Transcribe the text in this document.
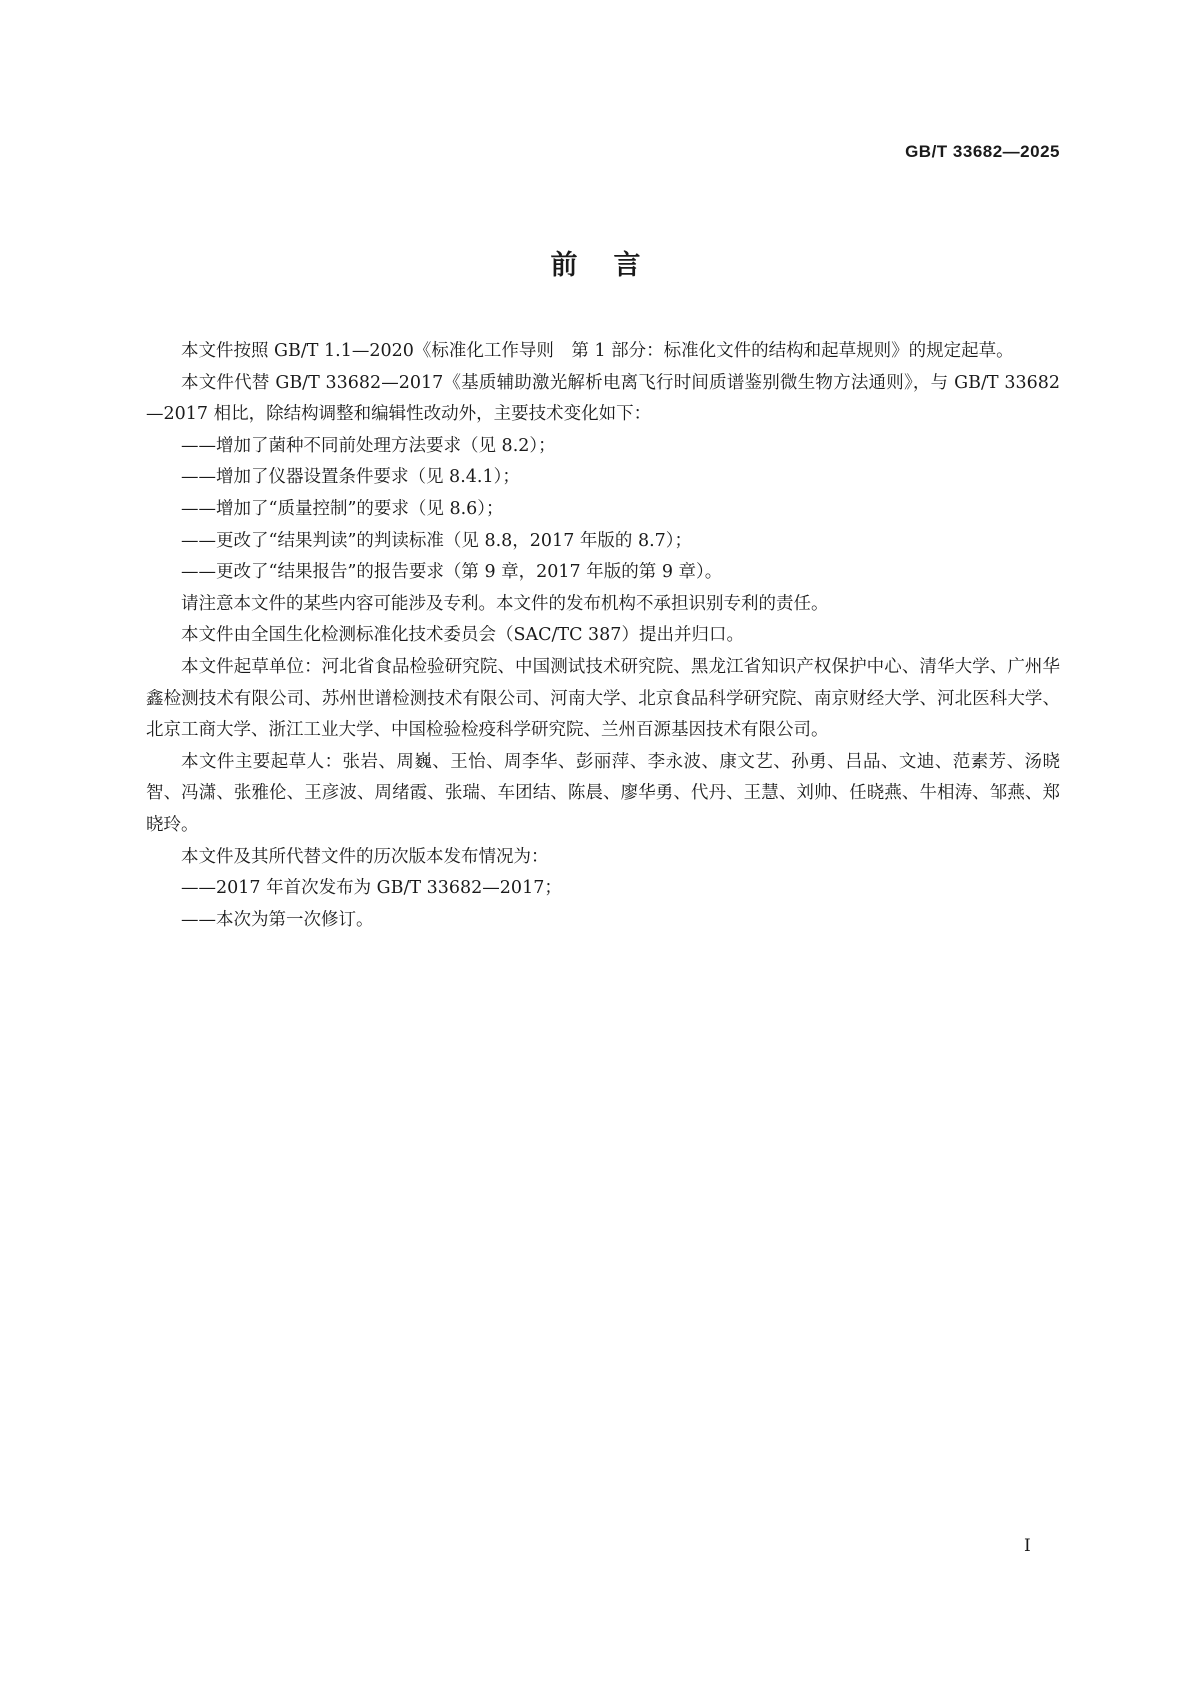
GB/T 33682—2025
前言

本文件按照 GB/T 1.1—2020《标准化工作导则　第 1 部分：标准化文件的结构和起草规则》的规定起草。

本文件代替 GB/T 33682—2017《基质辅助激光解析电离飞行时间质谱鉴别微生物方法通则》，与 GB/T 33682—2017 相比，除结构调整和编辑性改动外，主要技术变化如下：

——增加了菌种不同前处理方法要求（见 8.2）；

——增加了仪器设置条件要求（见 8.4.1）；

——增加了“质量控制”的要求（见 8.6）；

——更改了“结果判读”的判读标准（见 8.8，2017 年版的 8.7）；

——更改了“结果报告”的报告要求（第 9 章，2017 年版的第 9 章）。

请注意本文件的某些内容可能涉及专利。本文件的发布机构不承担识别专利的责任。

本文件由全国生化检测标准化技术委员会（SAC/TC 387）提出并归口。

本文件起草单位：河北省食品检验研究院、中国测试技术研究院、黑龙江省知识产权保护中心、清华大学、广州华鑫检测技术有限公司、苏州世谱检测技术有限公司、河南大学、北京食品科学研究院、南京财经大学、河北医科大学、北京工商大学、浙江工业大学、中国检验检疫科学研究院、兰州百源基因技术有限公司。

本文件主要起草人：张岩、周巍、王怡、周李华、彭丽萍、李永波、康文艺、孙勇、吕品、文迪、范素芳、汤晓智、冯潇、张雅伦、王彦波、周绪霞、张瑞、车团结、陈晨、廖华勇、代丹、王慧、刘帅、任晓燕、牛相涛、邹燕、郑晓玲。

本文件及其所代替文件的历次版本发布情况为：

——2017 年首次发布为 GB/T 33682—2017；

——本次为第一次修订。

I
